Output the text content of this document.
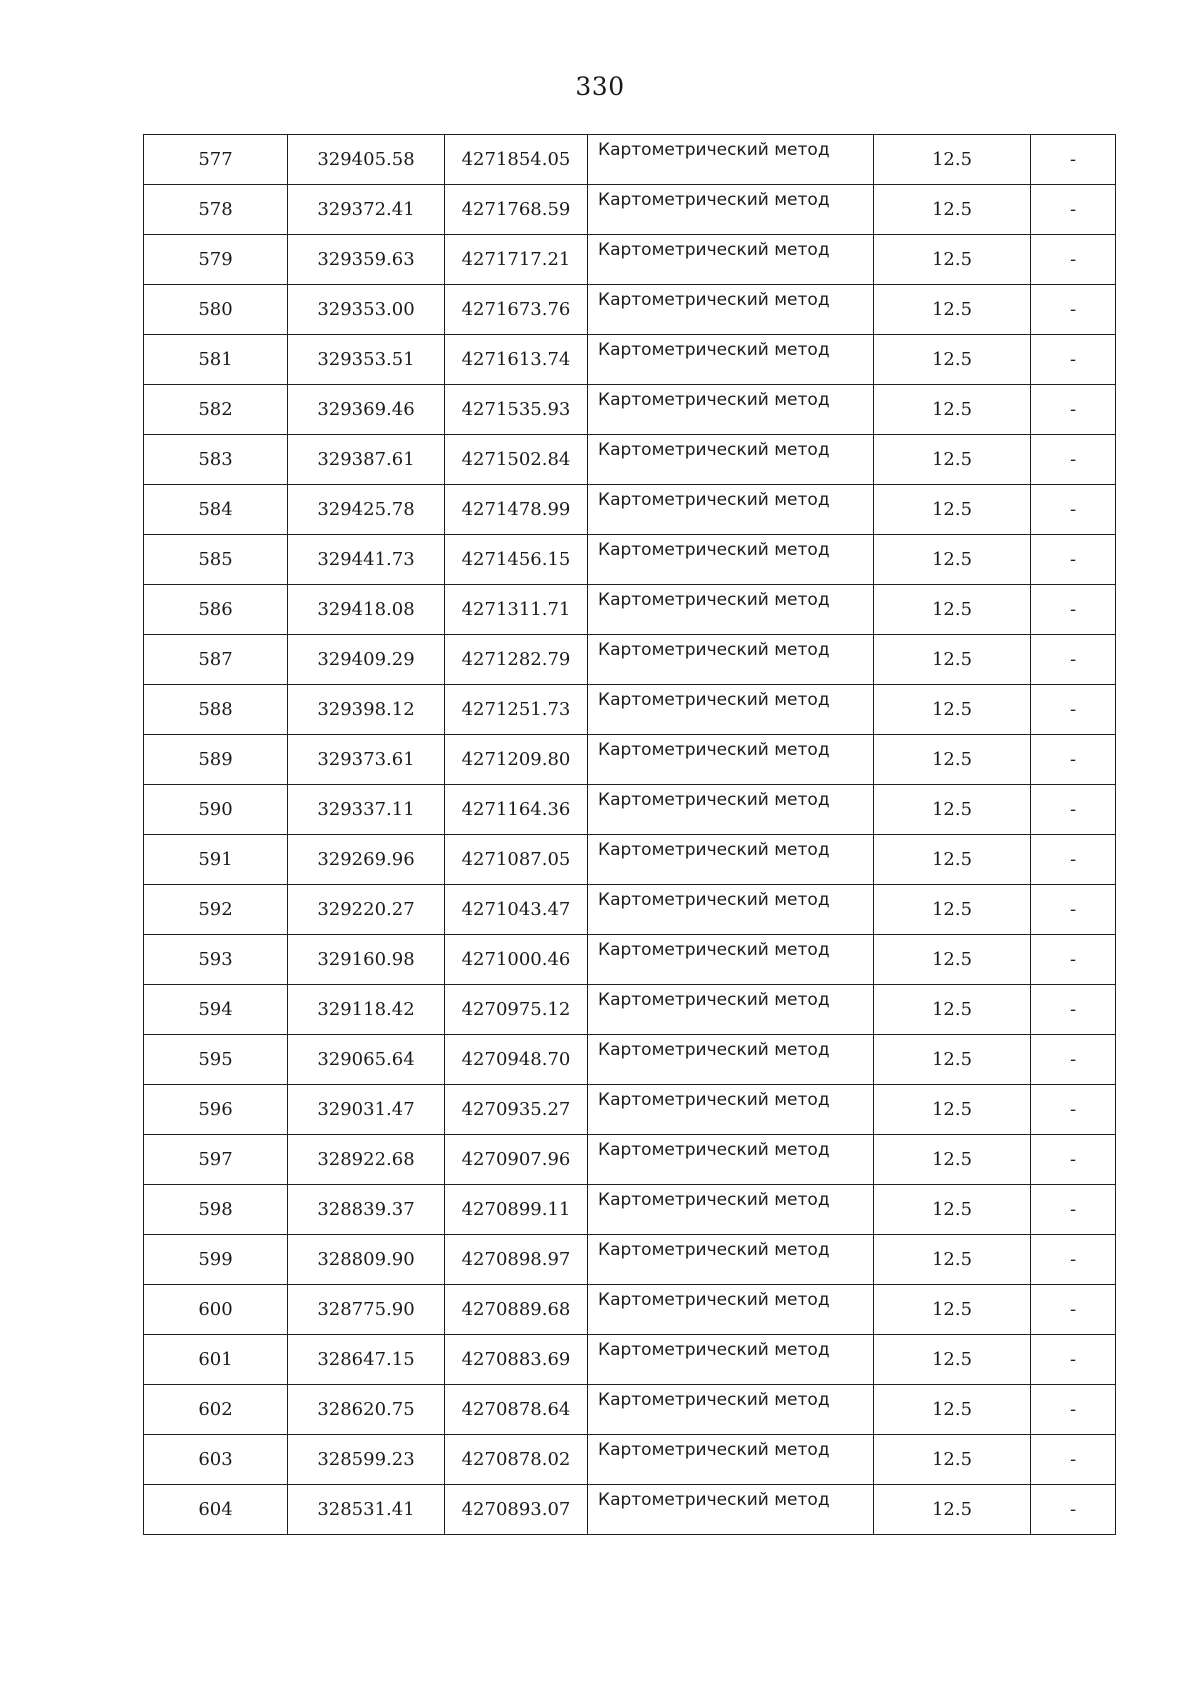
330
577	329405.58	4271854.05	Картометрический метод	12.5	-
578	329372.41	4271768.59	Картометрический метод	12.5	-
579	329359.63	4271717.21	Картометрический метод	12.5	-
580	329353.00	4271673.76	Картометрический метод	12.5	-
581	329353.51	4271613.74	Картометрический метод	12.5	-
582	329369.46	4271535.93	Картометрический метод	12.5	-
583	329387.61	4271502.84	Картометрический метод	12.5	-
584	329425.78	4271478.99	Картометрический метод	12.5	-
585	329441.73	4271456.15	Картометрический метод	12.5	-
586	329418.08	4271311.71	Картометрический метод	12.5	-
587	329409.29	4271282.79	Картометрический метод	12.5	-
588	329398.12	4271251.73	Картометрический метод	12.5	-
589	329373.61	4271209.80	Картометрический метод	12.5	-
590	329337.11	4271164.36	Картометрический метод	12.5	-
591	329269.96	4271087.05	Картометрический метод	12.5	-
592	329220.27	4271043.47	Картометрический метод	12.5	-
593	329160.98	4271000.46	Картометрический метод	12.5	-
594	329118.42	4270975.12	Картометрический метод	12.5	-
595	329065.64	4270948.70	Картометрический метод	12.5	-
596	329031.47	4270935.27	Картометрический метод	12.5	-
597	328922.68	4270907.96	Картометрический метод	12.5	-
598	328839.37	4270899.11	Картометрический метод	12.5	-
599	328809.90	4270898.97	Картометрический метод	12.5	-
600	328775.90	4270889.68	Картометрический метод	12.5	-
601	328647.15	4270883.69	Картометрический метод	12.5	-
602	328620.75	4270878.64	Картометрический метод	12.5	-
603	328599.23	4270878.02	Картометрический метод	12.5	-
604	328531.41	4270893.07	Картометрический метод	12.5	-
